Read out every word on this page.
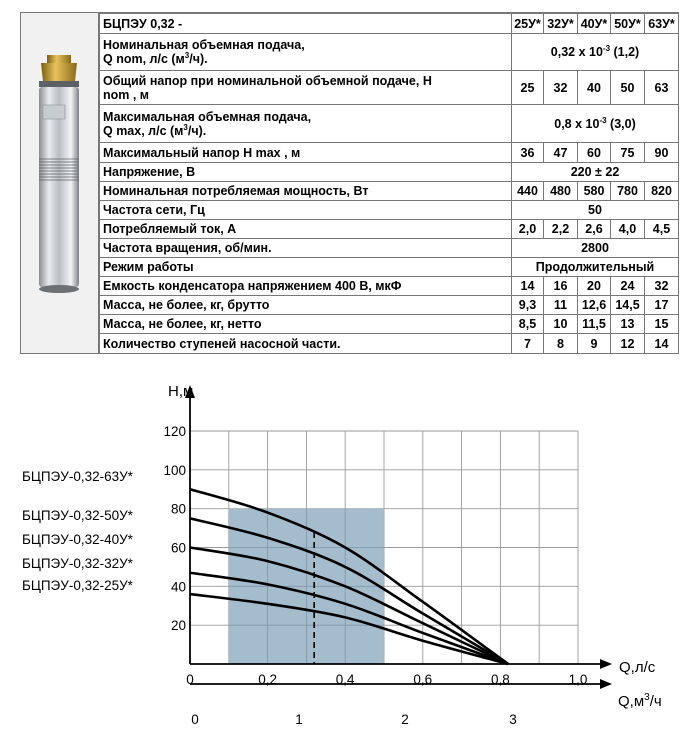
БЦПЭУ 0,32 -	25У*	32У*	40У*	50У*	63У*
Номинальная объемная подача,
Q nom, л/с $(м^3/ч)$.	0,32 х $10^{-3}$ (1,2)				
Общий напор при номинальной объемной подаче, Н
nom , м	25	32	40	50	63
Максимальная объемная подача,
Q max, л/с $(м^3/ч)$.	0,8 х $10^{-3}$ (3,0)				
Максимальный напор Н max , м	36	47	60	75	90
Напряжение, В	220 ± 22				
Номинальная потребляемая мощность, Вт	440	480	580	780	820
Частота сети, Гц	50				
Потребляемый ток, А	2,0	2,2	2,6	4,0	4,5
Частота вращения, об/мин.	2800				
Режим работы	Продолжительный				
Емкость конденсатора напряжением 400 В, мкФ	14	16	20	24	32
Масса, не более, кг, брутто	9,3	11	12,6	14,5	17
Масса, не более, кг, нетто	8,5	10	11,5	13	15
Количество ступеней насосной части.	7	8	9	12	14
Н,м
Q,л/с
$Q,м^3/ч$
0	0,2	0,4	0,6	0,8	1,0
0	1	2	3
20
40
60
80
100
120
БЦПЭУ-0,32-63У*
БЦПЭУ-0,32-50У*
БЦПЭУ-0,32-40У*
БЦПЭУ-0,32-32У*
БЦПЭУ-0,32-25У*
